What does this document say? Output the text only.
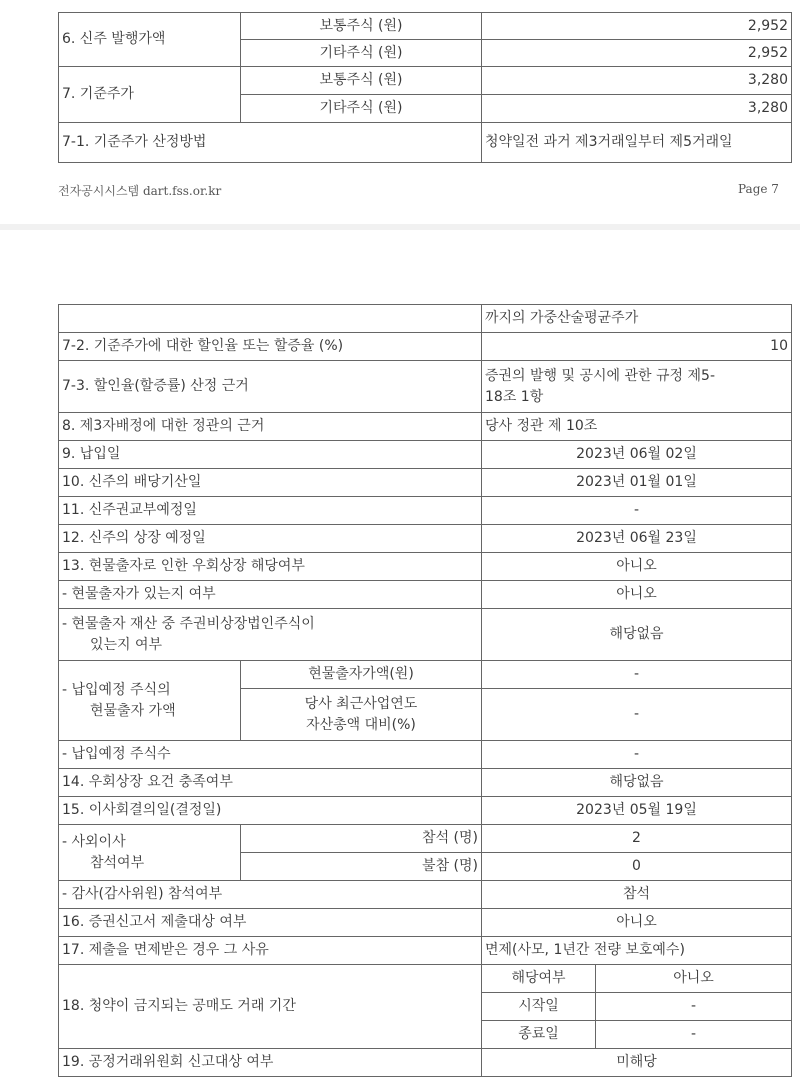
6. 신주 발행가액	보통주식 (원)	2,952
	기타주식 (원)	2,952
7. 기준주가	보통주식 (원)	3,280
	기타주식 (원)	3,280
7-1. 기준주가 산정방법		청약일전 과거 제3거래일부터 제5거래일
전자공시시스템 dart.fss.or.kr	Page 7
		까지의 가중산술평균주가	
7-2. 기준주가에 대한 할인율 또는 할증율 (%)		10	
7-3. 할인율(할증률) 산정 근거		증권의 발행 및 공시에 관한 규정 제5-
18조 1항	

8. 제3자배정에 대한 정관의 근거		당사 정관 제 10조	
9. 납입일		2023년 06월 02일	
10. 신주의 배당기산일		2023년 01월 01일	
11. 신주권교부예정일		-	
12. 신주의 상장 예정일		2023년 06월 23일	
13. 현물출자로 인한 우회상장 해당여부		아니오	
- 현물출자가 있는지 여부		아니오	

- 현물출자 재산 중 주권비상장법인주식이
있는지 여부		해당없음	

- 납입예정 주식의
현물출자 가액	현물출자가액(원)	-	

	당사 최근사업연도
자산총액 대비(%)	-	
- 납입예정 주식수		-	
14. 우회상장 요건 충족여부		해당없음	
15. 이사회결의일(결정일)		2023년 05월 19일	

- 사외이사
참석여부	참석 (명)	2	
	불참 (명)	0	
- 감사(감사위원) 참석여부		참석	
16. 증권신고서 제출대상 여부		아니오	
17. 제출을 면제받은 경우 그 사유		면제(사모, 1년간 전량 보호예수)	
18. 청약이 금지되는 공매도 거래 기간		해당여부	아니오
		시작일	-
		종료일	-
19. 공정거래위원회 신고대상 여부		미해당	
